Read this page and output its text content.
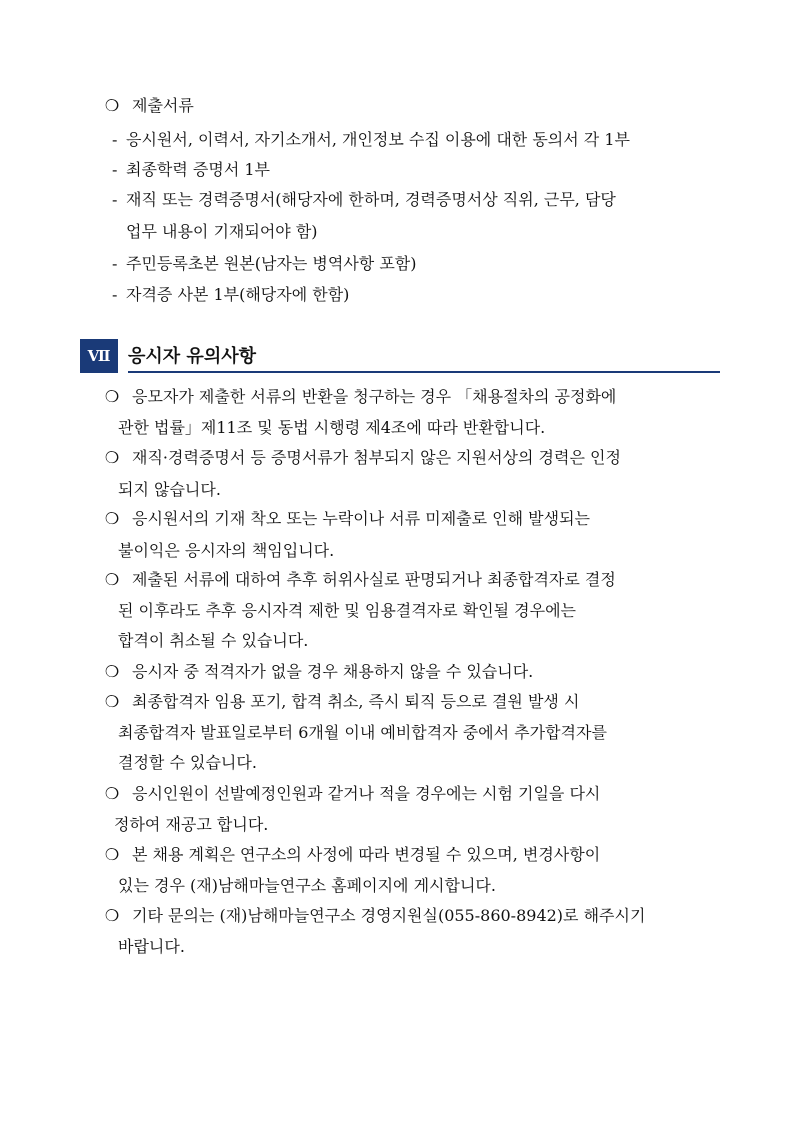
❍ 제출서류
- 응시원서, 이력서, 자기소개서, 개인정보 수집 이용에 대한 동의서 각 1부
- 최종학력 증명서 1부
- 재직 또는 경력증명서(해당자에 한하며, 경력증명서상 직위, 근무, 담당
업무 내용이 기재되어야 함)
- 주민등록초본 원본(남자는 병역사항 포함)
- 자격증 사본 1부(해당자에 한함)
Ⅶ 응시자 유의사항
❍ 응모자가 제출한 서류의 반환을 청구하는 경우 「채용절차의 공정화에
관한 법률」제11조 및 동법 시행령 제4조에 따라 반환합니다.
❍ 재직·경력증명서 등 증명서류가 첨부되지 않은 지원서상의 경력은 인정
되지 않습니다.
❍ 응시원서의 기재 착오 또는 누락이나 서류 미제출로 인해 발생되는
불이익은 응시자의 책임입니다.
❍ 제출된 서류에 대하여 추후 허위사실로 판명되거나 최종합격자로 결정
된 이후라도 추후 응시자격 제한 및 임용결격자로 확인될 경우에는
합격이 취소될 수 있습니다.
❍ 응시자 중 적격자가 없을 경우 채용하지 않을 수 있습니다.
❍ 최종합격자 임용 포기, 합격 취소, 즉시 퇴직 등으로 결원 발생 시
최종합격자 발표일로부터 6개월 이내 예비합격자 중에서 추가합격자를
결정할 수 있습니다.
❍ 응시인원이 선발예정인원과 같거나 적을 경우에는 시험 기일을 다시
정하여 재공고 합니다.
❍ 본 채용 계획은 연구소의 사정에 따라 변경될 수 있으며, 변경사항이
있는 경우 (재)남해마늘연구소 홈페이지에 게시합니다.
❍ 기타 문의는 (재)남해마늘연구소 경영지원실(055-860-8942)로 해주시기
바랍니다.
